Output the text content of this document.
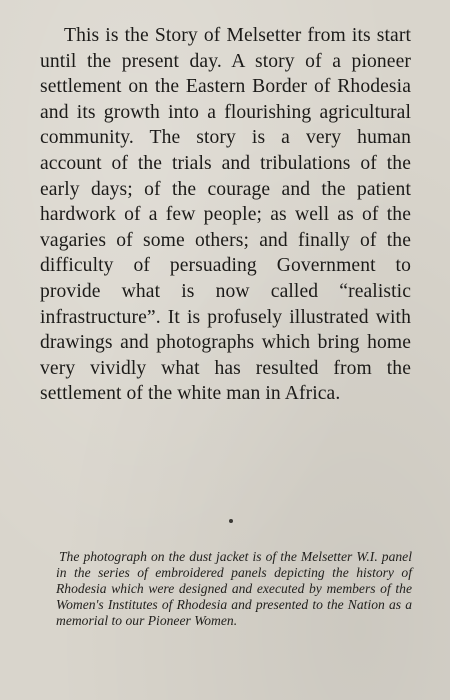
This is the Story of Melsetter from its start until the present day. A story of a pioneer settlement on the Eastern Border of Rhodesia and its growth into a flourishing agricultural community. The story is a very human account of the trials and tribulations of the early days; of the courage and the patient hardwork of a few people; as well as of the vagaries of some others; and finally of the difficulty of persuading Government to provide what is now called “realistic infrastructure”. It is profusely illustrated with drawings and photographs which bring home very vividly what has resulted from the settlement of the white man in Africa.

The photograph on the dust jacket is of the Melsetter W.I. panel in the series of embroidered panels depicting the history of Rhodesia which were designed and executed by members of the Women's Institutes of Rhodesia and presented to the Nation as a memorial to our Pioneer Women.
